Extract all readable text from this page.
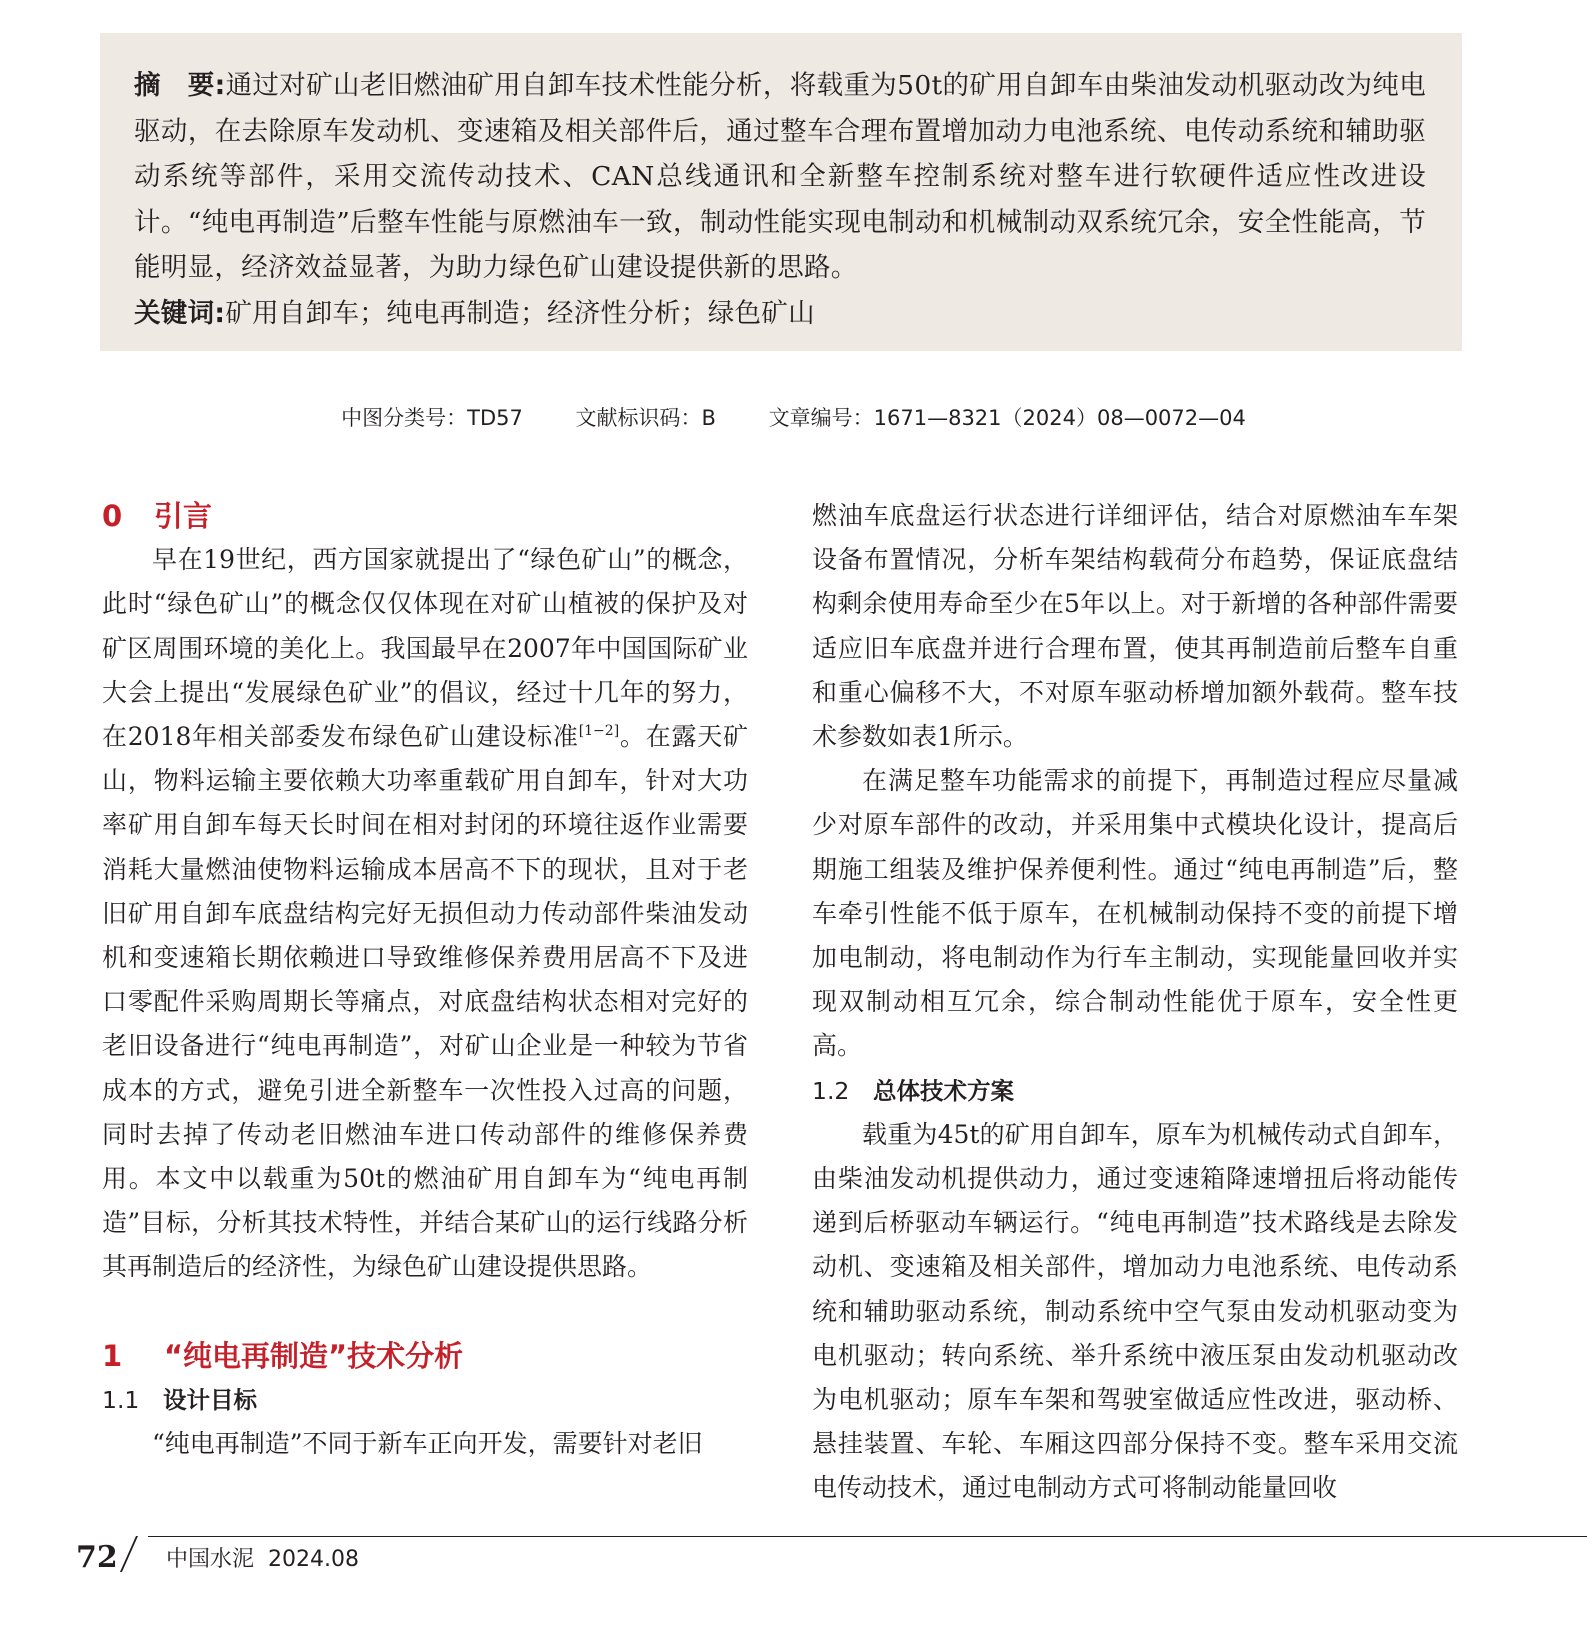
摘　要:通过对矿山老旧燃油矿用自卸车技术性能分析，将载重为50t的矿用自卸车由柴油发动机驱动改为纯电驱动，在去除原车发动机、变速箱及相关部件后，通过整车合理布置增加动力电池系统、电传动系统和辅助驱动系统等部件，采用交流传动技术、CAN总线通讯和全新整车控制系统对整车进行软硬件适应性改进设计。“纯电再制造”后整车性能与原燃油车一致，制动性能实现电制动和机械制动双系统冗余，安全性能高，节能明显，经济效益显著，为助力绿色矿山建设提供新的思路。

关键词:矿用自卸车；纯电再制造；经济性分析；绿色矿山

中图分类号：TD57	文献标识码：B	文章编号：1671—8321（2024）08—0072—04
0 引言

早在19世纪，西方国家就提出了“绿色矿山”的概念，此时“绿色矿山”的概念仅仅体现在对矿山植被的保护及对矿区周围环境的美化上。我国最早在2007年中国国际矿业大会上提出“发展绿色矿业”的倡议，经过十几年的努力，在2018年相关部委发布绿色矿山建设标准[1−2]。在露天矿山，物料运输主要依赖大功率重载矿用自卸车，针对大功率矿用自卸车每天长时间在相对封闭的环境往返作业需要消耗大量燃油使物料运输成本居高不下的现状，且对于老旧矿用自卸车底盘结构完好无损但动力传动部件柴油发动机和变速箱长期依赖进口导致维修保养费用居高不下及进口零配件采购周期长等痛点，对底盘结构状态相对完好的老旧设备进行“纯电再制造”，对矿山企业是一种较为节省成本的方式，避免引进全新整车一次性投入过高的问题，同时去掉了传动老旧燃油车进口传动部件的维修保养费用。本文中以载重为50t的燃油矿用自卸车为“纯电再制造”目标，分析其技术特性，并结合某矿山的运行线路分析其再制造后的经济性，为绿色矿山建设提供思路。

1 “纯电再制造”技术分析
1.1 设计目标

“纯电再制造”不同于新车正向开发，需要针对老旧

燃油车底盘运行状态进行详细评估，结合对原燃油车车架设备布置情况，分析车架结构载荷分布趋势，保证底盘结构剩余使用寿命至少在5年以上。对于新增的各种部件需要适应旧车底盘并进行合理布置，使其再制造前后整车自重和重心偏移不大，不对原车驱动桥增加额外载荷。整车技术参数如表1所示。

在满足整车功能需求的前提下，再制造过程应尽量减少对原车部件的改动，并采用集中式模块化设计，提高后期施工组装及维护保养便利性。通过“纯电再制造”后，整车牵引性能不低于原车，在机械制动保持不变的前提下增加电制动，将电制动作为行车主制动，实现能量回收并实现双制动相互冗余，综合制动性能优于原车，安全性更高。

1.2 总体技术方案

载重为45t的矿用自卸车，原车为机械传动式自卸车，由柴油发动机提供动力，通过变速箱降速增扭后将动能传递到后桥驱动车辆运行。“纯电再制造”技术路线是去除发动机、变速箱及相关部件，增加动力电池系统、电传动系统和辅助驱动系统，制动系统中空气泵由发动机驱动变为电机驱动；转向系统、举升系统中液压泵由发动机驱动改为电机驱动；原车车架和驾驶室做适应性改进，驱动桥、悬挂装置、车轮、车厢这四部分保持不变。整车采用交流电传动技术，通过电制动方式可将制动能量回收

72 中国水泥 2024.08
